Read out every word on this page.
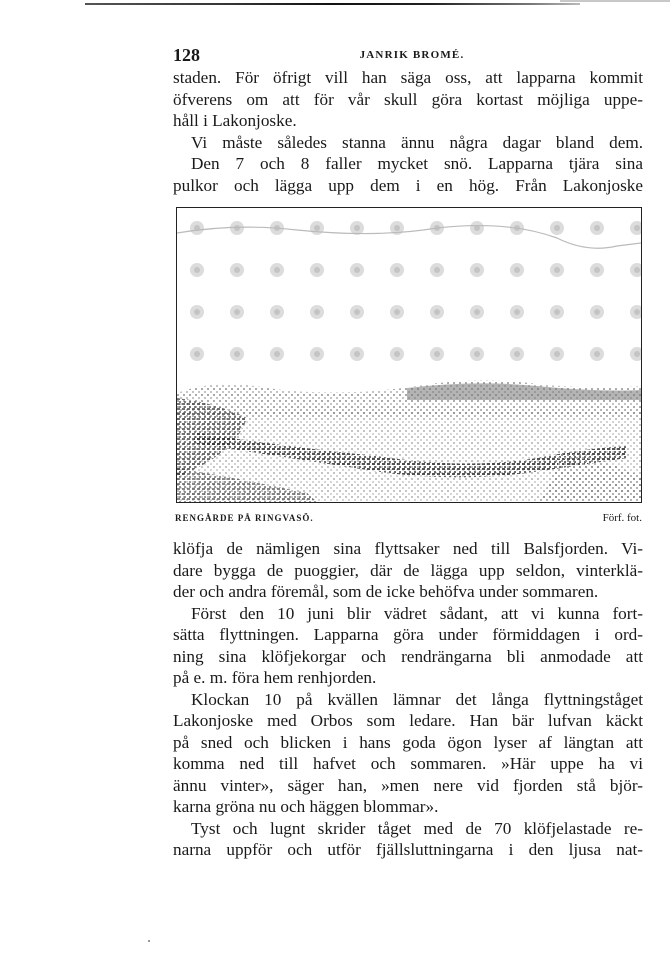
128	JANRIK BROMÉ.
staden. För öfrigt vill han säga oss, att lapparna kommit
öfverens om att för vår skull göra kortast möjliga uppe-
håll i Lakonjoske.
Vi måste således stanna ännu några dagar bland dem.
Den 7 och 8 faller mycket snö. Lapparna tjära sina
pulkor och lägga upp dem i en hög. Från Lakonjoske
RENGÅRDE PÅ RINGVASÖ.	Förf. fot.
klöfja de nämligen sina flyttsaker ned till Balsfjorden. Vi-
dare bygga de puoggier, där de lägga upp seldon, vinterklä-
der och andra föremål, som de icke behöfva under sommaren.
Först den 10 juni blir vädret sådant, att vi kunna fort-
sätta flyttningen. Lapparna göra under förmiddagen i ord-
ning sina klöfjekorgar och rendrängarna bli anmodade att
på e. m. föra hem renhjorden.
Klockan 10 på kvällen lämnar det långa flyttningståget
Lakonjoske med Orbos som ledare. Han bär lufvan käckt
på sned och blicken i hans goda ögon lyser af längtan att
komma ned till hafvet och sommaren. »Här uppe ha vi
ännu vinter», säger han, »men nere vid fjorden stå björ-
karna gröna nu och häggen blommar».
Tyst och lugnt skrider tåget med de 70 klöfjelastade re-
narna uppför och utför fjällsluttningarna i den ljusa nat-
